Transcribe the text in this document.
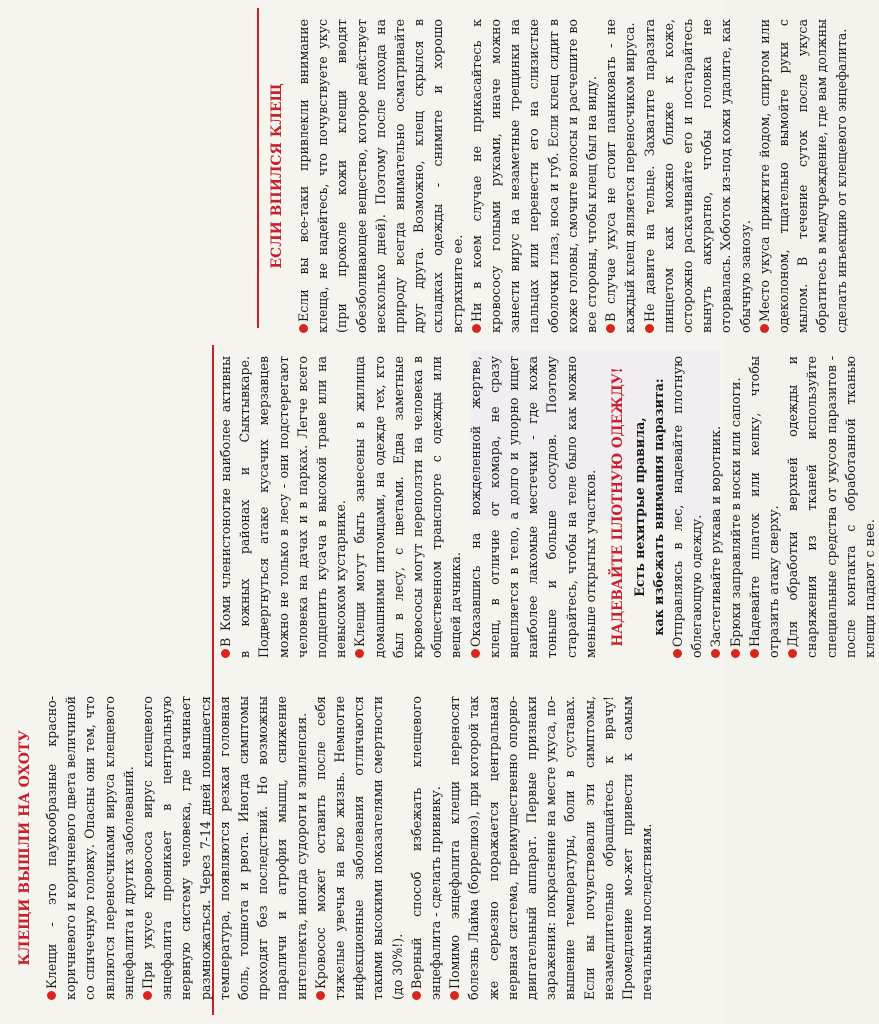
КЛЕЩИ ВЫШЛИ НА ОХОТУ Клещи - это паукообразные красно-коричневого и коричневого цвета величиной со спичечную головку. Опасны они тем, что являются переносчиками вируса клещевого энцефалита и других заболеваний. При укусе кровососа вирус клещевого энцефалита проникает в центральную нервную систему человека, где начинает размножаться. Через 7-14 дней повышается температура, появляются резкая головная боль, тошнота и рвота. Иногда симптомы проходят без последствий. Но возможны параличи и атрофия мышц, снижение интеллекта, иногда судороги и эпилепсия. Кровосос может оставить после себя тяжелые увечья на всю жизнь. Немногие инфекционные заболевания отличаются такими высокими показателями смертности (до 30%!). Верный способ избежать клещевого энцефалита - сделать прививку. Помимо энцефалита клещи переносят болезнь Лайма (боррелиоз), при которой так же серьезно поражается центральная нервная система, преимущественно опорно-двигательный аппарат. Первые признаки заражения: покраснение на месте укуса, по-вышение температуры, боли в суставах. Если вы почувствовали эти симптомы, незамедлительно обращайтесь к врачу! Промедление мо-жет привести к самым печальным последствиям.

В Коми членистоногие наиболее активны в южных районах и Сыктывкаре. Подвергнуться атаке кусачих мерзавцев можно не только в лесу - они подстерегают человека на дачах и в парках. Легче всего подцепить кусача в высокой траве или на невысоком кустарнике. Клещи могут быть занесены в жилища домашними питомцами, на одежде тех, кто был в лесу, с цветами. Едва заметные кровососы могут переползти на человека в общественном транспорте с одежды или вещей дачника. Оказавшись на вожделенной жертве, клещ, в отличие от комара, не сразу вцепляется в тело, а долго и упорно ищет наиболее лакомые местечки - где кожа тоньше и больше сосудов. Поэтому старайтесь, чтобы на теле было как можно меньше открытых участков. НАДЕВАЙТЕ ПЛОТНУЮ ОДЕЖДУ! Есть нехитрые правила, как избежать внимания паразита: Отправляясь в лес, надевайте плотную облегающую одежду. Застегивайте рукава и воротник. Брюки заправляйте в носки или сапоги. Надевайте платок или кепку, чтобы отразить атаку сверху. Для обработки верхней одежды и снаряжения из тканей используйте специальные средства от укусов паразитов - после контакта с обработанной тканью клещи падают с нее.

ЕСЛИ ВПИЛСЯ КЛЕЩ Если вы все-таки привлекли внимание клеща, не надейтесь, что почувствуете укус (при проколе кожи клещи вводят обезболивающее вещество, которое действует несколько дней). Поэтому после похода на природу всегда внимательно осматривайте друг друга. Возможно, клещ скрылся в складках одежды - снимите и хорошо встряхните ее. Ни в коем случае не прикасайтесь к кровососу голыми руками, иначе можно занести вирус на незаметные трещинки на пальцах или перенести его на слизистые оболочки глаз, носа и губ. Если клещ сидит в коже головы, смочите волосы и расчешите во все стороны, чтобы клещ был на виду. В случае укуса не стоит паниковать - не каждый клещ является переносчиком вируса. Не давите на тельце. Захватите паразита пинцетом как можно ближе к коже, осторожно раскачивайте его и постарайтесь вынуть аккуратно, чтобы головка не оторвалась. Хоботок из-под кожи удалите, как обычную занозу. Место укуса прижгите йодом, спиртом или одеколоном, тщательно вымойте руки с мылом. В течение суток после укуса обратитесь в медучреждение, где вам должны сделать инъекцию от клещевого энцефалита.
